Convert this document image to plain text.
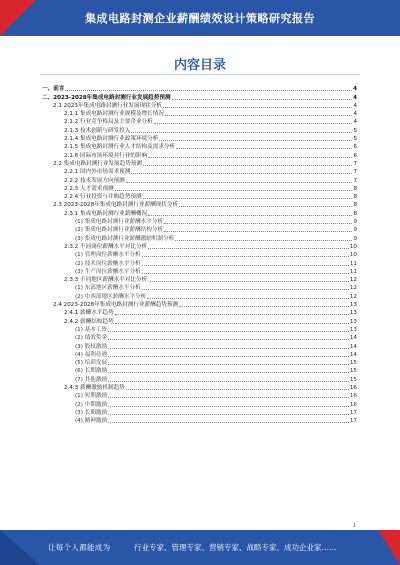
集成电路封测企业薪酬绩效设计策略研究报告
内容目录
一、前言	4
二、2023-2028年集成电路封测行业发展趋势预测	4
2.1 2023年集成电路封测行业发展现状分析	4
2.1.1 集成电路封测行业规模及增长情况	4
2.1.2 行业竞争格局及主要企业分析	4
2.1.3 技术创新与研发投入	5
2.1.4 集成电路封测行业政策环境分析	5
2.1.5 集成电路封测行业人才结构及需求分析	6
2.1.6 国际市场环境对行业的影响	6
2.2 集成电路封测行业发展趋势预测	7
2.2.1 国内外市场需求预测	7
2.2.2 技术发展方向预测	7
2.2.3 人才需求预测	8
2.2.4 行业投资与并购趋势预测	8
2.3 2023-2028年集成电路封测行业薪酬现状分析	8
2.3.1 集成电路封测行业薪酬概况	8
(1) 集成电路封测行业薪酬水平分析	9
(2) 集成电路封测行业薪酬结构分析	9
(3) 集成电路封测行业薪酬激励机制分析	9
2.3.2 不同岗位薪酬水平对比分析	10
(1) 管理岗位薪酬水平分析	10
(2) 技术岗位薪酬水平分析	11
(3) 生产岗位薪酬水平分析	11
2.3.3 不同地区薪酬水平对比分析	12
(1) 东部地区薪酬水平分析	12
(2) 中西部地区薪酬水平分析	12
2.4 2023-2028年集成电路封测行业薪酬趋势预测	13
2.4.1 薪酬水平趋势	13
2.4.2 薪酬结构趋势	13
(1) 基本工资	13
(2) 绩效奖金	14
(3) 股权激励	14
(4) 福利待遇	14
(5) 培训发展	15
(6) 长期激励	15
(7) 其他激励	15
2.4.3 薪酬激励机制趋势	16
(1) 短期激励	16
(2) 中期激励	16
(3) 长期激励	17
(4) 精神激励	17
1
让每个人都能成为	行业专家、管理专家、营销专家、战略专家、成功企业家……
